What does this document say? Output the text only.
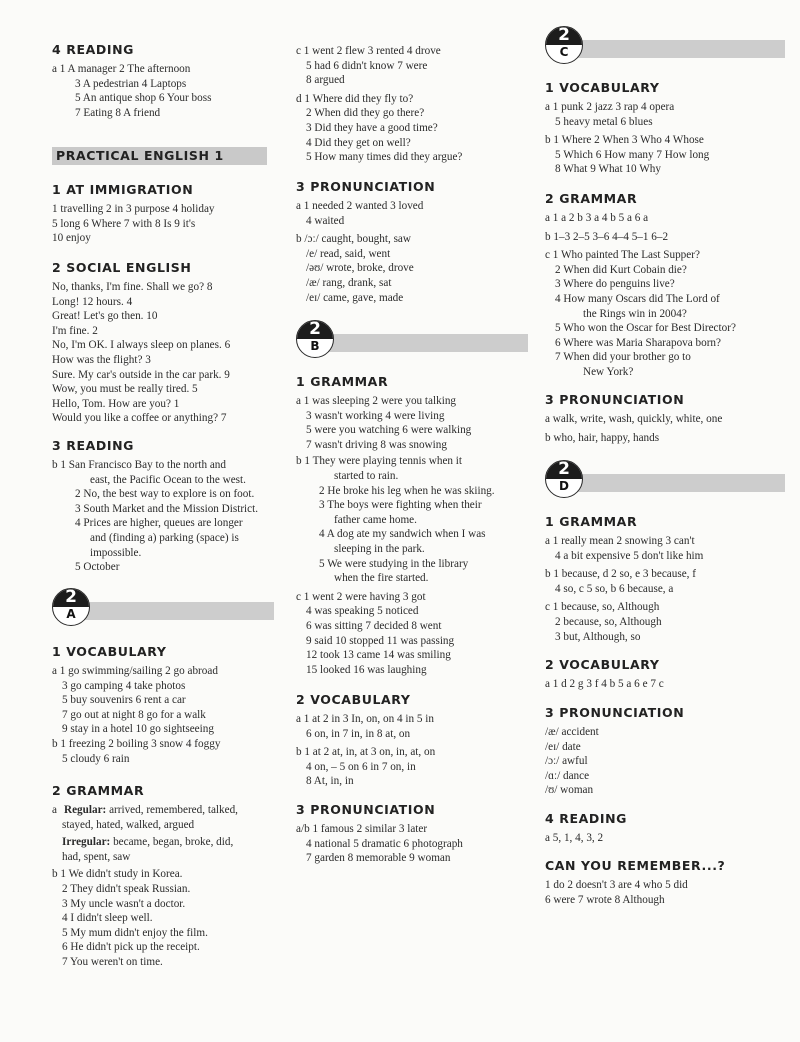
4 READING
a 1 A manager 2 The afternoon
3 A pedestrian 4 Laptops
5 An antique shop 6 Your boss
7 Eating 8 A friend
PRACTICAL ENGLISH 1
1 AT IMMIGRATION
1 travelling 2 in 3 purpose 4 holiday
5 long 6 Where 7 with 8 Is 9 it's
10 enjoy
2 SOCIAL ENGLISH
No, thanks, I'm fine. Shall we go? 8
Long! 12 hours. 4
Great! Let's go then. 10
I'm fine. 2
No, I'm OK. I always sleep on planes. 6
How was the flight? 3
Sure. My car's outside in the car park. 9
Wow, you must be really tired. 5
Hello, Tom. How are you? 1
Would you like a coffee or anything? 7
3 READING
b 1 San Francisco Bay to the north and
east, the Pacific Ocean to the west.
2 No, the best way to explore is on foot.
3 South Market and the Mission District.
4 Prices are higher, queues are longer
and (finding a) parking (space) is
impossible.
5 October
2
A
1 VOCABULARY
a 1 go swimming/sailing 2 go abroad
3 go camping 4 take photos
5 buy souvenirs 6 rent a car
7 go out at night 8 go for a walk
9 stay in a hotel 10 go sightseeing
b 1 freezing 2 boiling 3 snow 4 foggy
5 cloudy 6 rain
2 GRAMMAR
a Regular: arrived, remembered, talked,
stayed, hated, walked, argued
Irregular: became, began, broke, did,
had, spent, saw
b 1 We didn't study in Korea.
2 They didn't speak Russian.
3 My uncle wasn't a doctor.
4 I didn't sleep well.
5 My mum didn't enjoy the film.
6 He didn't pick up the receipt.
7 You weren't on time.
c 1 went 2 flew 3 rented 4 drove
5 had 6 didn't know 7 were
8 argued
d 1 Where did they fly to?
2 When did they go there?
3 Did they have a good time?
4 Did they get on well?
5 How many times did they argue?
3 PRONUNCIATION
a 1 needed 2 wanted 3 loved
4 waited
b /ɔː/ caught, bought, saw
/e/ read, said, went
/əʊ/ wrote, broke, drove
/æ/ rang, drank, sat
/eɪ/ came, gave, made
2
B
1 GRAMMAR
a 1 was sleeping 2 were you talking
3 wasn't working 4 were living
5 were you watching 6 were walking
7 wasn't driving 8 was snowing
b 1 They were playing tennis when it
started to rain.
2 He broke his leg when he was skiing.
3 The boys were fighting when their
father came home.
4 A dog ate my sandwich when I was
sleeping in the park.
5 We were studying in the library
when the fire started.
c 1 went 2 were having 3 got
4 was speaking 5 noticed
6 was sitting 7 decided 8 went
9 said 10 stopped 11 was passing
12 took 13 came 14 was smiling
15 looked 16 was laughing
2 VOCABULARY
a 1 at 2 in 3 In, on, on 4 in 5 in
6 on, in 7 in, in 8 at, on
b 1 at 2 at, in, at 3 on, in, at, on
4 on, – 5 on 6 in 7 on, in
8 At, in, in
3 PRONUNCIATION
a/b 1 famous 2 similar 3 later
4 national 5 dramatic 6 photograph
7 garden 8 memorable 9 woman
2
C
1 VOCABULARY
a 1 punk 2 jazz 3 rap 4 opera
5 heavy metal 6 blues
b 1 Where 2 When 3 Who 4 Whose
5 Which 6 How many 7 How long
8 What 9 What 10 Why
2 GRAMMAR
a 1 a 2 b 3 a 4 b 5 a 6 a
b 1–3 2–5 3–6 4–4 5–1 6–2
c 1 Who painted The Last Supper?
2 When did Kurt Cobain die?
3 Where do penguins live?
4 How many Oscars did The Lord of
the Rings win in 2004?
5 Who won the Oscar for Best Director?
6 Where was Maria Sharapova born?
7 When did your brother go to
New York?
3 PRONUNCIATION
a walk, write, wash, quickly, white, one
b who, hair, happy, hands
2
D
1 GRAMMAR
a 1 really mean 2 snowing 3 can't
4 a bit expensive 5 don't like him
b 1 because, d 2 so, e 3 because, f
4 so, c 5 so, b 6 because, a
c 1 because, so, Although
2 because, so, Although
3 but, Although, so
2 VOCABULARY
a 1 d 2 g 3 f 4 b 5 a 6 e 7 c
3 PRONUNCIATION
/æ/ accident
/eɪ/ date
/ɔː/ awful
/ɑː/ dance
/ʊ/ woman
4 READING
a 5, 1, 4, 3, 2
CAN YOU REMEMBER...?
1 do 2 doesn't 3 are 4 who 5 did
6 were 7 wrote 8 Although
